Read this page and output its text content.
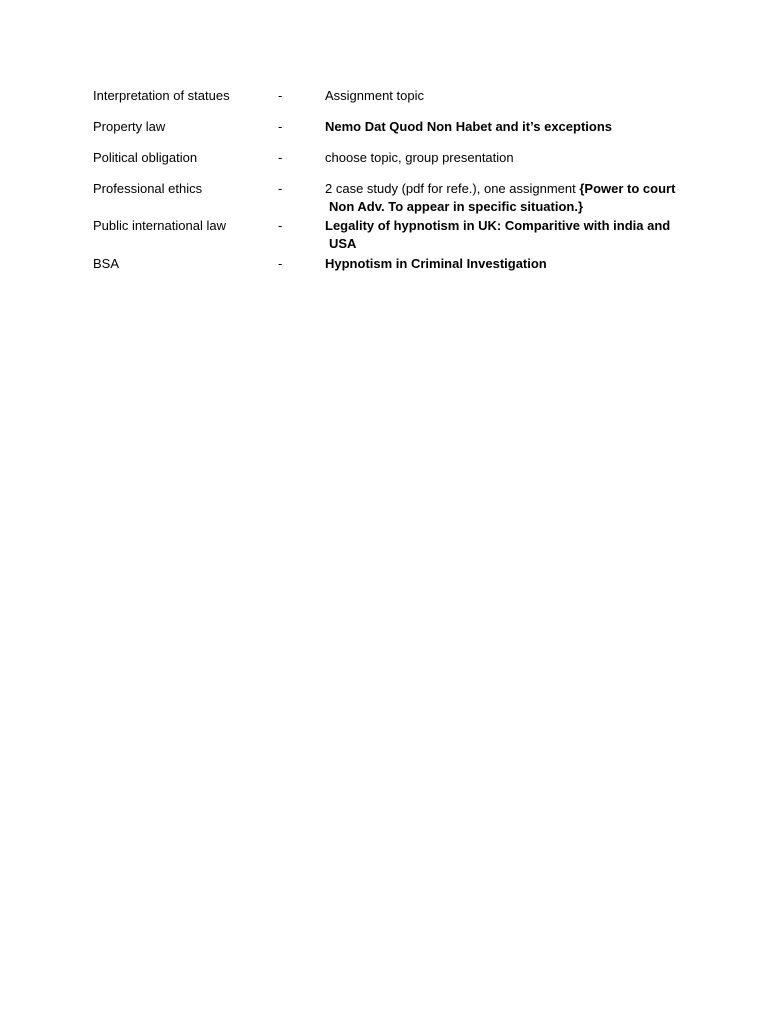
Interpretation of statues	-	Assignment topic
Property law	-	Nemo Dat Quod Non Habet and it’s exceptions
Political obligation	-	choose topic, group presentation
Professional ethics	-	2 case study (pdf for refe.), one assignment {Power to court
Non Adv. To appear in specific situation.}
Public international law	-	Legality of hypnotism in UK: Comparitive with india and
USA
BSA	-	Hypnotism in Criminal Investigation
